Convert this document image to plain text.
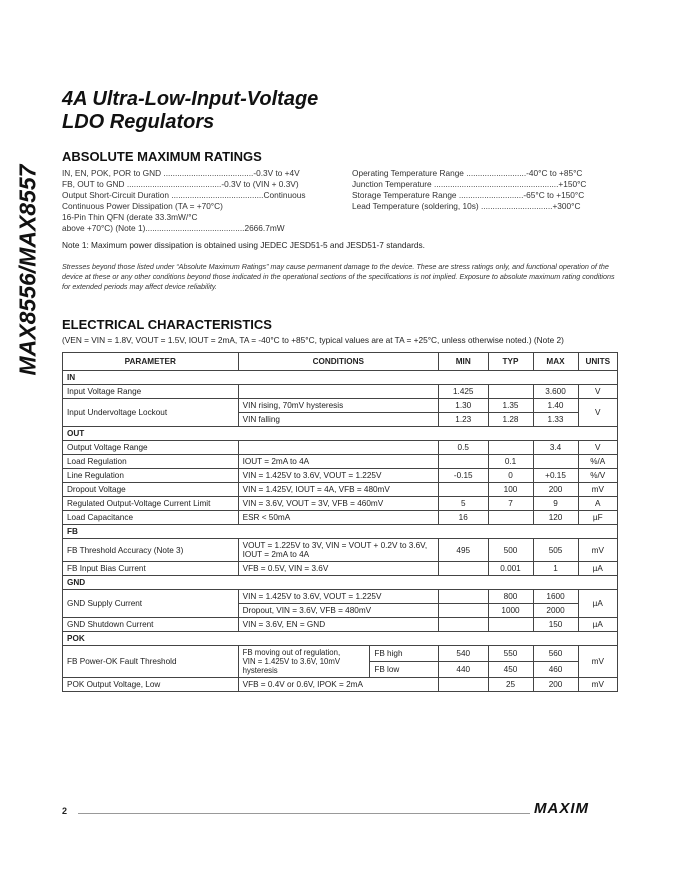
MAX8556/MAX8557
4A Ultra-Low-Input-Voltage
LDO Regulators
ABSOLUTE MAXIMUM RATINGS
IN, EN, POK, POR to GND .......................................-0.3V to +4V
FB, OUT to GND .........................................-0.3V to (VIN + 0.3V)
Output Short-Circuit Duration ........................................Continuous
Continuous Power Dissipation (TA = +70°C)
16-Pin Thin QFN (derate 33.3mW/°C
above +70°C) (Note 1)...........................................2666.7mW
Operating Temperature Range ..........................-40°C to +85°C
Junction Temperature ......................................................+150°C
Storage Temperature Range ............................-65°C to +150°C
Lead Temperature (soldering, 10s) ...............................+300°C
Note 1: Maximum power dissipation is obtained using JEDEC JESD51-5 and JESD51-7 standards.
Stresses beyond those listed under “Absolute Maximum Ratings” may cause permanent damage to the device. These are stress ratings only, and functional operation of the device at these or any other conditions beyond those indicated in the operational sections of the specifications is not implied. Exposure to absolute maximum rating conditions for extended periods may affect device reliability.
ELECTRICAL CHARACTERISTICS
(VEN = VIN = 1.8V, VOUT = 1.5V, IOUT = 2mA, TA = -40°C to +85°C, typical values are at TA = +25°C, unless otherwise noted.) (Note 2)
PARAMETER	CONDITIONS		MIN	TYP	MAX	UNITS
IN						
Input Voltage Range			1.425		3.600	V
Input Undervoltage Lockout	VIN rising, 70mV hysteresis		1.30	1.35	1.40	V
	VIN falling		1.23	1.28	1.33	
OUT						
Output Voltage Range			0.5		3.4	V
Load Regulation	IOUT = 2mA to 4A			0.1		%/A
Line Regulation	VIN = 1.425V to 3.6V, VOUT = 1.225V		-0.15	0	+0.15	%/V
Dropout Voltage	VIN = 1.425V, IOUT = 4A, VFB = 480mV			100	200	mV
Regulated Output-Voltage Current Limit	VIN = 3.6V, VOUT = 3V, VFB = 460mV		5	7	9	A
Load Capacitance	ESR < 50mA		16		120	µF
FB						
FB Threshold Accuracy (Note 3)	VOUT = 1.225V to 3V, VIN = VOUT + 0.2V to 3.6V,
IOUT = 2mA to 4A		495	500	505	mV
FB Input Bias Current	VFB = 0.5V, VIN = 3.6V			0.001	1	µA
GND						
GND Supply Current	VIN = 1.425V to 3.6V, VOUT = 1.225V			800	1600	µA
	Dropout, VIN = 3.6V, VFB = 480mV			1000	2000	
GND Shutdown Current	VIN = 3.6V, EN = GND				150	µA
POK						
FB Power-OK Fault Threshold	FB moving out of regulation,
VIN = 1.425V to 3.6V, 10mV hysteresis	FB high	540	550	560	mV
		FB low	440	450	460	
POK Output Voltage, Low	VFB = 0.4V or 0.6V, IPOK = 2mA			25	200	mV
2	MAXIM
